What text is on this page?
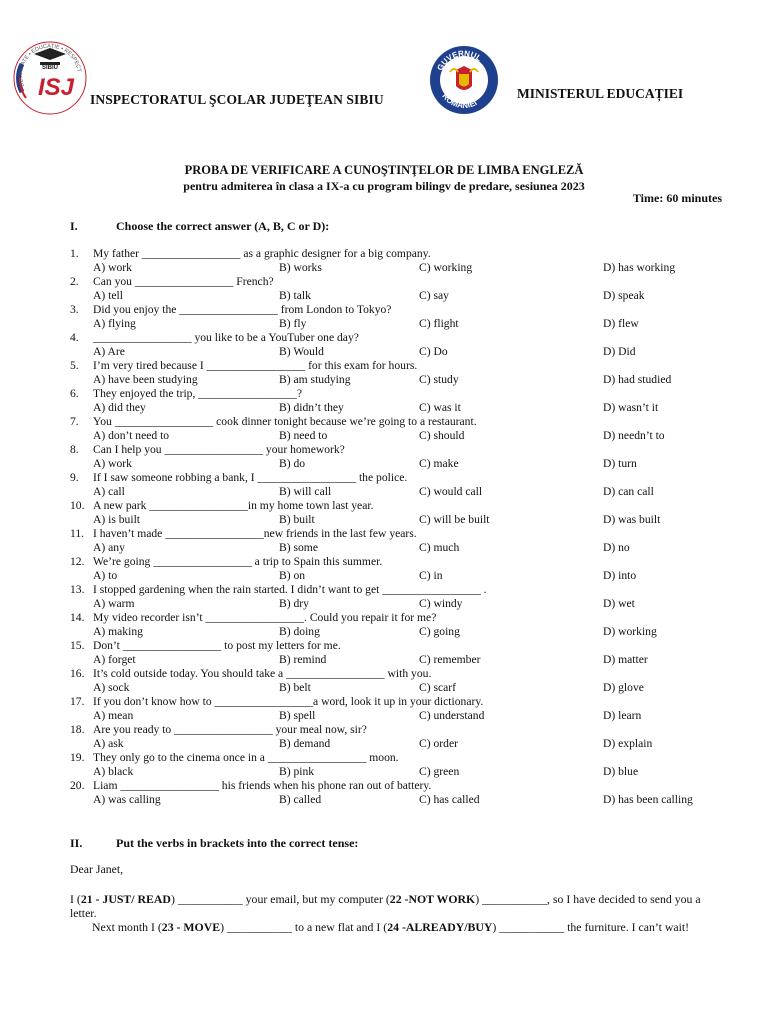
SIBIU
ISJ
DEMNITATE • EDUCAȚIE • RESPECT
INSPECTORATUL ŞCOLAR JUDEŢEAN SIBIU
GUVERNUL
ROMÂNIEI
MINISTERUL EDUCAȚIEI
PROBA DE VERIFICARE A CUNOŞTINŢELOR DE LIMBA ENGLEZĂ
pentru admiterea în clasa a IX-a cu program bilingv de predare, sesiunea 2023
Time: 60 minutes
I.	Choose the correct answer (A, B, C or D):
1.	My father _________________ as a graphic designer for a big company.
A) work	B) works	C) working	D) has working
2.	Can you _________________ French?
A) tell	B) talk	C) say	D) speak
3.	Did you enjoy the _________________ from London to Tokyo?
A) flying	B) fly	C) flight	D) flew
4.	_________________ you like to be a YouTuber one day?
A) Are	B) Would	C) Do	D) Did
5.	I’m very tired because I _________________ for this exam for hours.
A) have been studying	B) am studying	C) study	D) had studied
6.	They enjoyed the trip, _________________?
A) did they	B) didn’t they	C) was it	D) wasn’t it
7.	You _________________ cook dinner tonight because we’re going to a restaurant.
A) don’t need to	B) need to	C) should	D) needn’t to
8.	Can I help you _________________ your homework?
A) work	B) do	C) make	D) turn
9.	If I saw someone robbing a bank, I _________________ the police.
A) call	B) will call	C) would call	D) can call
10. A new park _________________in my home town last year.
A) is built	B) built	C) will be built	D) was built
11. I haven’t made _________________new friends in the last few years.
A) any	B) some	C) much	D) no
12. We’re going _________________ a trip to Spain this summer.
A) to	B) on	C) in	D) into
13. I stopped gardening when the rain started. I didn’t want to get _________________ .
A) warm	B) dry	C) windy	D) wet
14. My video recorder isn’t _________________. Could you repair it for me?
A) making	B) doing	C) going	D) working
15. Don’t _________________ to post my letters for me.
A) forget	B) remind	C) remember	D) matter
16. It’s cold outside today. You should take a _________________ with you.
A) sock	B) belt	C) scarf	D) glove
17. If you don’t know how to _________________a word, look it up in your dictionary.
A) mean	B) spell	C) understand	D) learn
18. Are you ready to _________________ your meal now, sir?
A) ask	B) demand	C) order	D) explain
19. They only go to the cinema once in a _________________ moon.
A) black	B) pink	C) green	D) blue
20. Liam _________________ his friends when his phone ran out of battery.
A) was calling	B) called	C) has called	D) has been calling
II.	Put the verbs in brackets into the correct tense:

Dear Janet,

I (21 - JUST/ READ) ___________ your email, but my computer (22 -NOT WORK) ___________, so I have decided to send you a letter.

Next month I (23 - MOVE) ___________ to a new flat and I (24 -ALREADY/BUY) ___________ the furniture. I can’t wait!
